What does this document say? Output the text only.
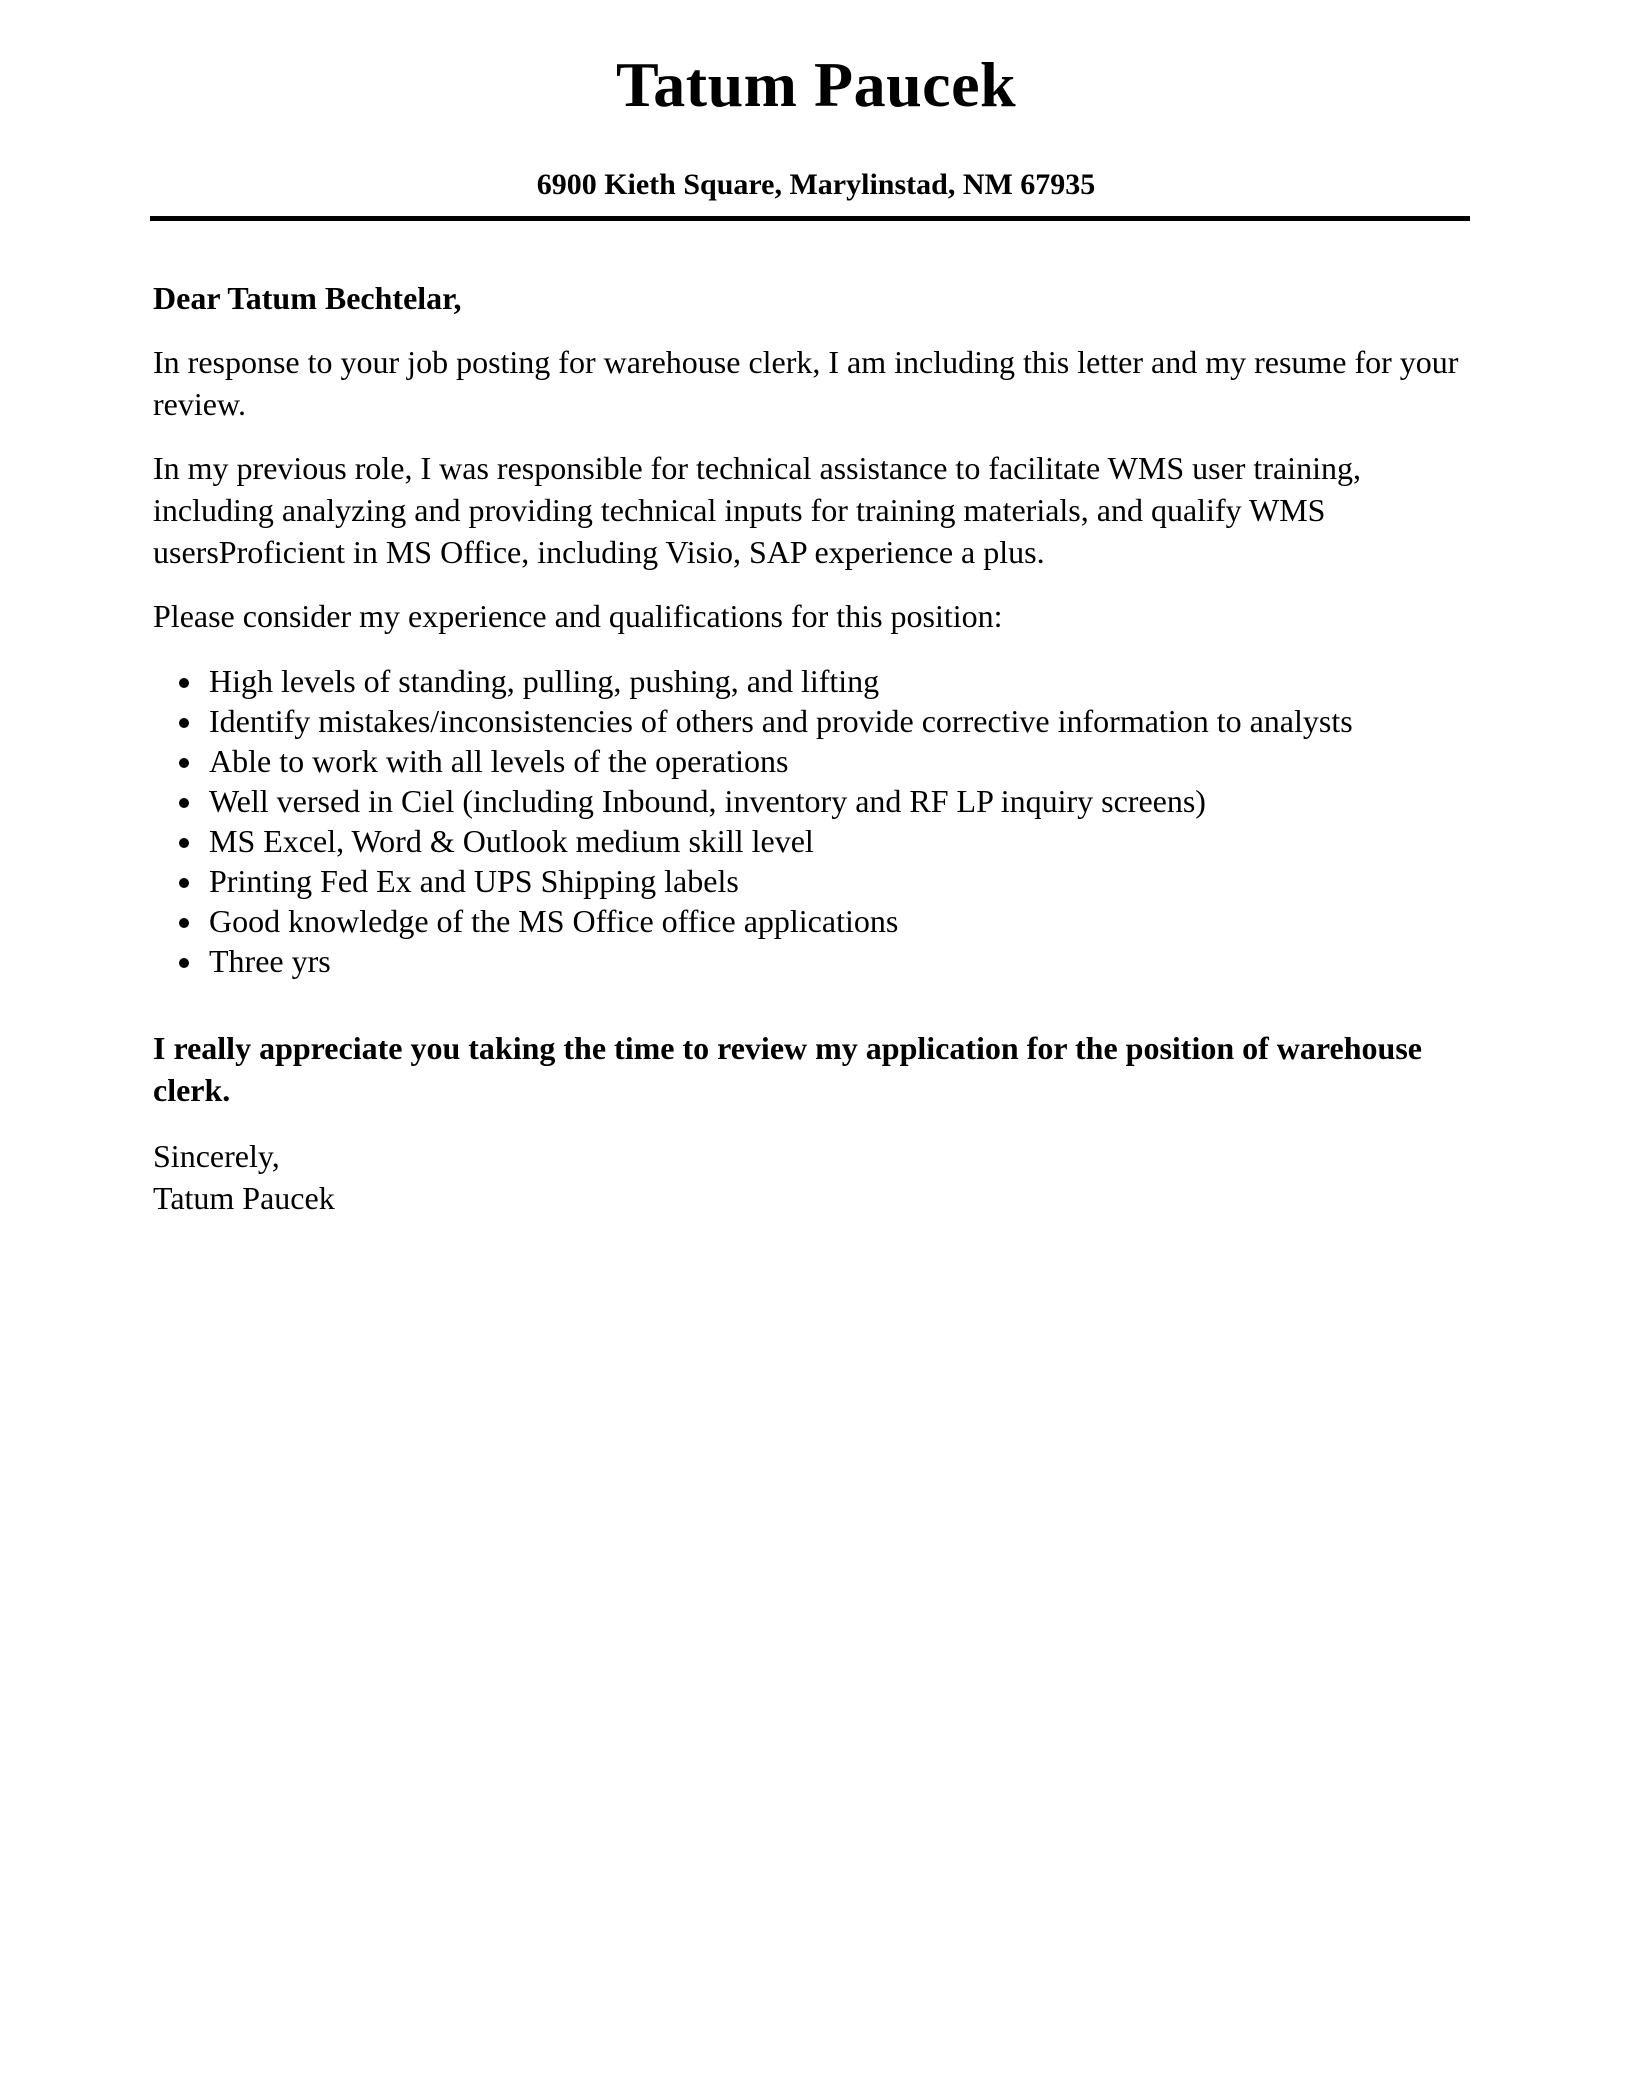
Tatum Paucek
6900 Kieth Square, Marylinstad, NM 67935

Dear Tatum Bechtelar,

In response to your job posting for warehouse clerk, I am including this letter and my resume for your review.

In my previous role, I was responsible for technical assistance to facilitate WMS user training, including analyzing and providing technical inputs for training materials, and qualify WMS usersProficient in MS Office, including Visio, SAP experience a plus.

Please consider my experience and qualifications for this position:

• High levels of standing, pulling, pushing, and lifting
• Identify mistakes/inconsistencies of others and provide corrective information to analysts
• Able to work with all levels of the operations
• Well versed in Ciel (including Inbound, inventory and RF LP inquiry screens)
• MS Excel, Word & Outlook medium skill level
• Printing Fed Ex and UPS Shipping labels
• Good knowledge of the MS Office office applications
• Three yrs

I really appreciate you taking the time to review my application for the position of warehouse clerk.

Sincerely,
Tatum Paucek
